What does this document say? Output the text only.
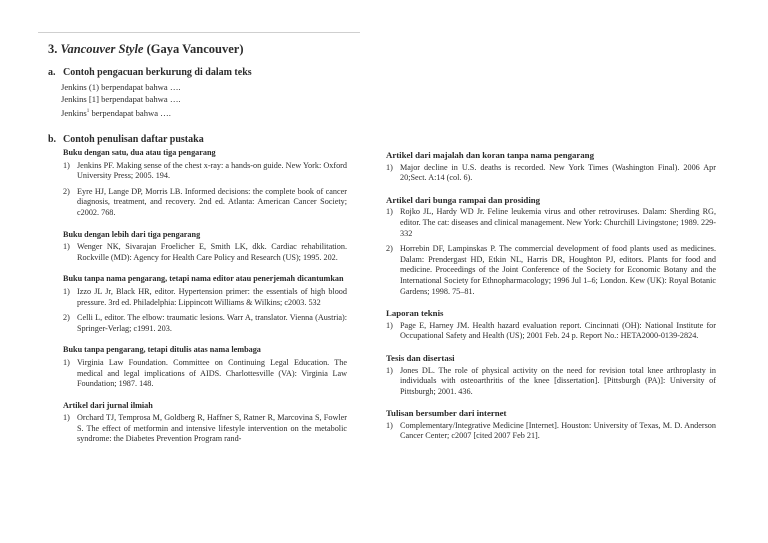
3. Vancouver Style (Gaya Vancouver)
a. Contoh pengacuan berkurung di dalam teks
Jenkins (1) berpendapat bahwa ….
Jenkins [1] berpendapat bahwa ….
Jenkins$^1$ berpendapat bahwa ….
b. Contoh penulisan daftar pustaka
Buku dengan satu, dua atau tiga pengarang
1) Jenkins PF. Making sense of the chest x-ray: a hands-on guide. New York: Oxford University Press; 2005. 194.
2) Eyre HJ, Lange DP, Morris LB. Informed decisions: the complete book of cancer diagnosis, treatment, and recovery. 2nd ed. Atlanta: American Cancer Society; c2002. 768.
Buku dengan lebih dari tiga pengarang
1) Wenger NK, Sivarajan Froelicher E, Smith LK, dkk. Cardiac rehabilitation. Rockville (MD): Agency for Health Care Policy and Research (US); 1995. 202.
Buku tanpa nama pengarang, tetapi nama editor atau penerjemah dicantumkan
1) Izzo JL Jr, Black HR, editor. Hypertension primer: the essentials of high blood pressure. 3rd ed. Philadelphia: Lippincott Williams & Wilkins; c2003. 532
2) Celli L, editor. The elbow: traumatic lesions. Warr A, translator. Vienna (Austria): Springer-Verlag; c1991. 203.
Buku tanpa pengarang, tetapi ditulis atas nama lembaga
1) Virginia Law Foundation. Committee on Continuing Legal Education. The medical and legal implications of AIDS. Charlottesville (VA): Virginia Law Foundation; 1987. 148.
Artikel dari jurnal ilmiah
1) Orchard TJ, Temprosa M, Goldberg R, Haffner S, Ratner R, Marcovina S, Fowler S. The effect of metformin and intensive lifestyle intervention on the metabolic syndrome: the Diabetes Prevention Program rand-
Artikel dari majalah dan koran tanpa nama pengarang
1) Major decline in U.S. deaths is recorded. New York Times (Washington Final). 2006 Apr 20;Sect. A:14 (col. 6).
Artikel dari bunga rampai dan prosiding
1) Rojko JL, Hardy WD Jr. Feline leukemia virus and other retroviruses. Dalam: Sherding RG, editor. The cat: diseases and clinical management. New York: Churchill Livingstone; 1989. 229-332
2) Horrebin DF, Lampinskas P. The commercial development of food plants used as medicines. Dalam: Prendergast HD, Etkin NL, Harris DR, Houghton PJ, editors. Plants for food and medicine. Proceedings of the Joint Conference of the Society for Economic Botany and the International Society for Ethnopharmacology; 1996 Jul 1–6; London. Kew (UK): Royal Botanic Gardens; 1998. 75–81.
Laporan teknis
1) Page E, Harney JM. Health hazard evaluation report. Cincinnati (OH): National Institute for Occupational Safety and Health (US); 2001 Feb. 24 p. Report No.: HETA2000-0139-2824.
Tesis dan disertasi
1) Jones DL. The role of physical activity on the need for revision total knee arthroplasty in individuals with osteoarthritis of the knee [dissertation]. [Pittsburgh (PA)]: University of Pittsburgh; 2001. 436.
Tulisan bersumber dari internet
1) Complementary/Integrative Medicine [Internet]. Houston: University of Texas, M. D. Anderson Cancer Center; c2007 [cited 2007 Feb 21].
